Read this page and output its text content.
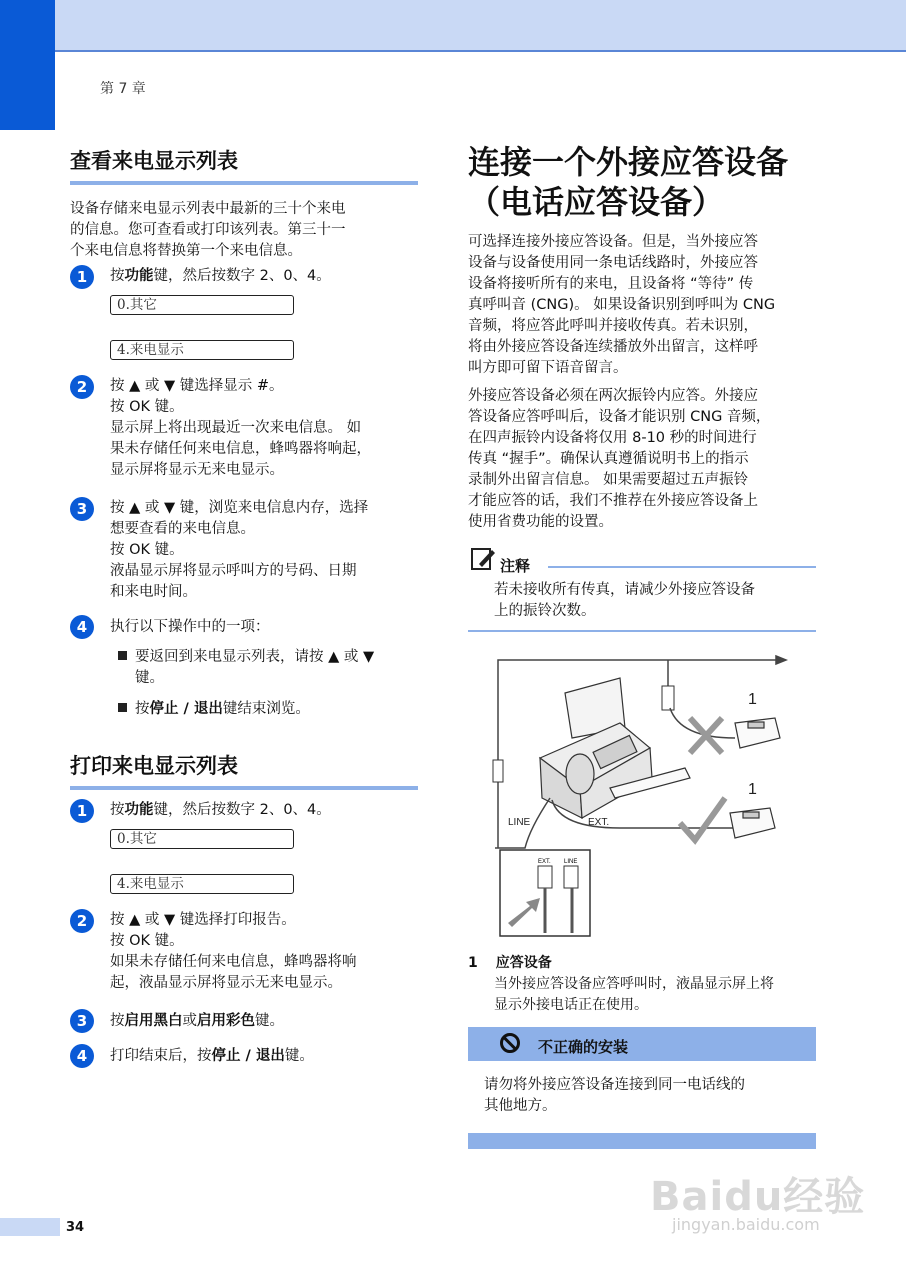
第 7 章
查看来电显示列表

设备存储来电显示列表中最新的三十个来电

的信息。您可查看或打印该列表。第三十一

个来电信息将替换第一个来电信息。

1	按功能键，然后按数字 2、0、4。
0.其它
4.来电显示
2	按 ▲ 或 ▼ 键选择显示 #。
按 OK 键。
显示屏上将出现最近一次来电信息。 如
果未存储任何来电信息，蜂鸣器将响起，
显示屏将显示无来电显示。
3	按 ▲ 或 ▼ 键，浏览来电信息内存，选择
想要查看的来电信息。
按 OK 键。
液晶显示屏将显示呼叫方的号码、日期
和来电时间。
4	执行以下操作中的一项：
要返回到来电显示列表，请按 ▲ 或 ▼
键。
按停止 / 退出键结束浏览。
打印来电显示列表
1	按功能键，然后按数字 2、0、4。
0.其它
4.来电显示
2	按 ▲ 或 ▼ 键选择打印报告。
按 OK 键。
如果未存储任何来电信息，蜂鸣器将响
起，液晶显示屏将显示无来电显示。
3	按启用黑白或启用彩色键。
4	打印结束后，按停止 / 退出键。
连接一个外接应答设备
（电话应答设备）
可选择连接外接应答设备。但是，当外接应答
设备与设备使用同一条电话线路时，外接应答
设备将接听所有的来电，且设备将 “等待” 传
真呼叫音 (CNG)。 如果设备识别到呼叫为 CNG
音频，将应答此呼叫并接收传真。若未识别，
将由外接应答设备连续播放外出留言，这样呼
叫方即可留下语音留言。
外接应答设备必须在两次振铃内应答。外接应
答设备应答呼叫后，设备才能识别 CNG 音频，
在四声振铃内设备将仅用 8-10 秒的时间进行
传真 “握手”。确保认真遵循说明书上的指示
录制外出留言信息。 如果需要超过五声振铃
才能应答的话，我们不推荐在外接应答设备上
使用省费功能的设置。
注释
若未接收所有传真，请减少外接应答设备
上的振铃次数。
1
1
LINE	EXT.
EXT. LINE
1 应答设备
当外接应答设备应答呼叫时，液晶显示屏上将
显示外接电话正在使用。
不正确的安装
请勿将外接应答设备连接到同一电话线的
其他地方。
34
Baidu经验
jingyan.baidu.com
